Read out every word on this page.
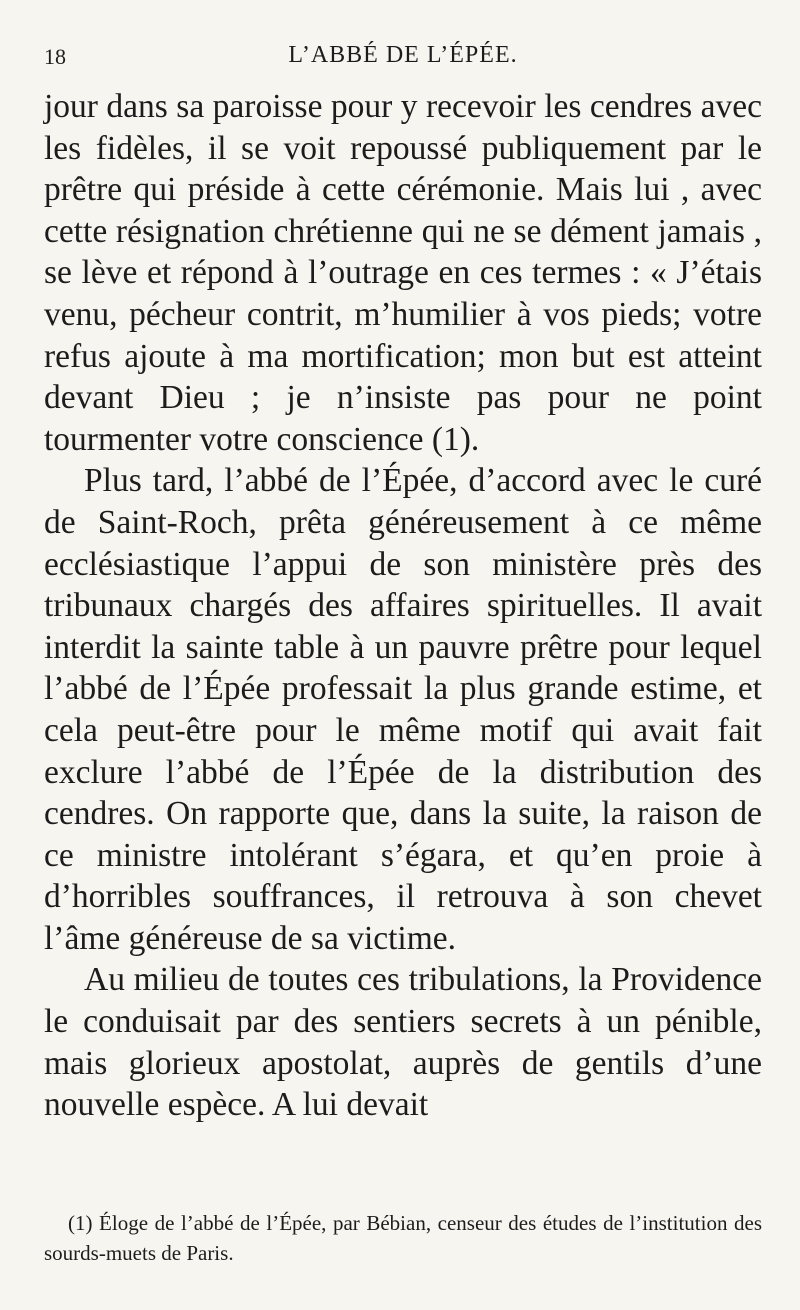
18	L’ABBÉ DE L’ÉPÉE.

jour dans sa paroisse pour y recevoir les cendres avec les fidèles, il se voit repoussé publiquement par le prêtre qui préside à cette cérémonie. Mais lui , avec cette résignation chrétienne qui ne se dément jamais , se lève et répond à l’outrage en ces termes : « J’étais venu, pécheur contrit, m’humilier à vos pieds; votre refus ajoute à ma mortification; mon but est atteint devant Dieu ; je n’insiste pas pour ne point tourmenter votre conscience (1).

Plus tard, l’abbé de l’Épée, d’accord avec le curé de Saint-Roch, prêta généreusement à ce même ecclésiastique l’appui de son ministère près des tribunaux chargés des affaires spirituelles. Il avait interdit la sainte table à un pauvre prêtre pour lequel l’abbé de l’Épée professait la plus grande estime, et cela peut-être pour le même motif qui avait fait exclure l’abbé de l’Épée de la distribution des cendres. On rapporte que, dans la suite, la raison de ce ministre intolérant s’égara, et qu’en proie à d’horribles souffrances, il retrouva à son chevet l’âme généreuse de sa victime.

Au milieu de toutes ces tribulations, la Providence le conduisait par des sentiers secrets à un pénible, mais glorieux apostolat, auprès de gentils d’une nouvelle espèce. A lui devait

(1) Éloge de l’abbé de l’Épée, par Bébian, censeur des études de l’institution des sourds-muets de Paris.
